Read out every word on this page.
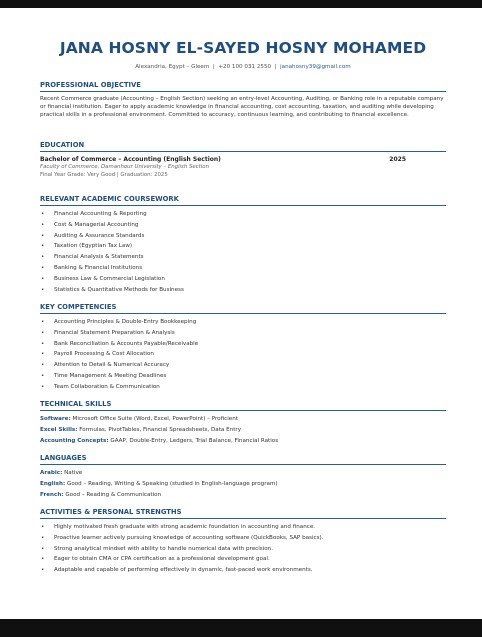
JANA HOSNY EL-SAYED HOSNY MOHAMED
Alexandria, Egypt – Gleem  |  +20 100 031 2550  |  janahosny39@gmail.com
PROFESSIONAL OBJECTIVE
Recent Commerce graduate (Accounting – English Section) seeking an entry-level Accounting, Auditing, or Banking role in a reputable company or financial institution. Eager to apply academic knowledge in financial accounting, cost accounting, taxation, and auditing while developing practical skills in a professional environment. Committed to accuracy, continuous learning, and contributing to financial excellence.
EDUCATION
Bachelor of Commerce – Accounting (English Section)	2025
Faculty of Commerce, Damanhour University – English Section
Final Year Grade: Very Good | Graduation: 2025
RELEVANT ACADEMIC COURSEWORK
• Financial Accounting & Reporting
• Cost & Managerial Accounting
• Auditing & Assurance Standards
• Taxation (Egyptian Tax Law)
• Financial Analysis & Statements
• Banking & Financial Institutions
• Business Law & Commercial Legislation
• Statistics & Quantitative Methods for Business
KEY COMPETENCIES
• Accounting Principles & Double-Entry Bookkeeping
• Financial Statement Preparation & Analysis
• Bank Reconciliation & Accounts Payable/Receivable
• Payroll Processing & Cost Allocation
• Attention to Detail & Numerical Accuracy
• Time Management & Meeting Deadlines
• Team Collaboration & Communication
TECHNICAL SKILLS
Software: Microsoft Office Suite (Word, Excel, PowerPoint) – Proficient
Excel Skills: Formulas, PivotTables, Financial Spreadsheets, Data Entry
Accounting Concepts: GAAP, Double-Entry, Ledgers, Trial Balance, Financial Ratios
LANGUAGES
Arabic: Native
English: Good – Reading, Writing & Speaking (studied in English-language program)
French: Good – Reading & Communication
ACTIVITIES & PERSONAL STRENGTHS
• Highly motivated fresh graduate with strong academic foundation in accounting and finance.
• Proactive learner actively pursuing knowledge of accounting software (QuickBooks, SAP basics).
• Strong analytical mindset with ability to handle numerical data with precision.
• Eager to obtain CMA or CPA certification as a professional development goal.
• Adaptable and capable of performing effectively in dynamic, fast-paced work environments.
